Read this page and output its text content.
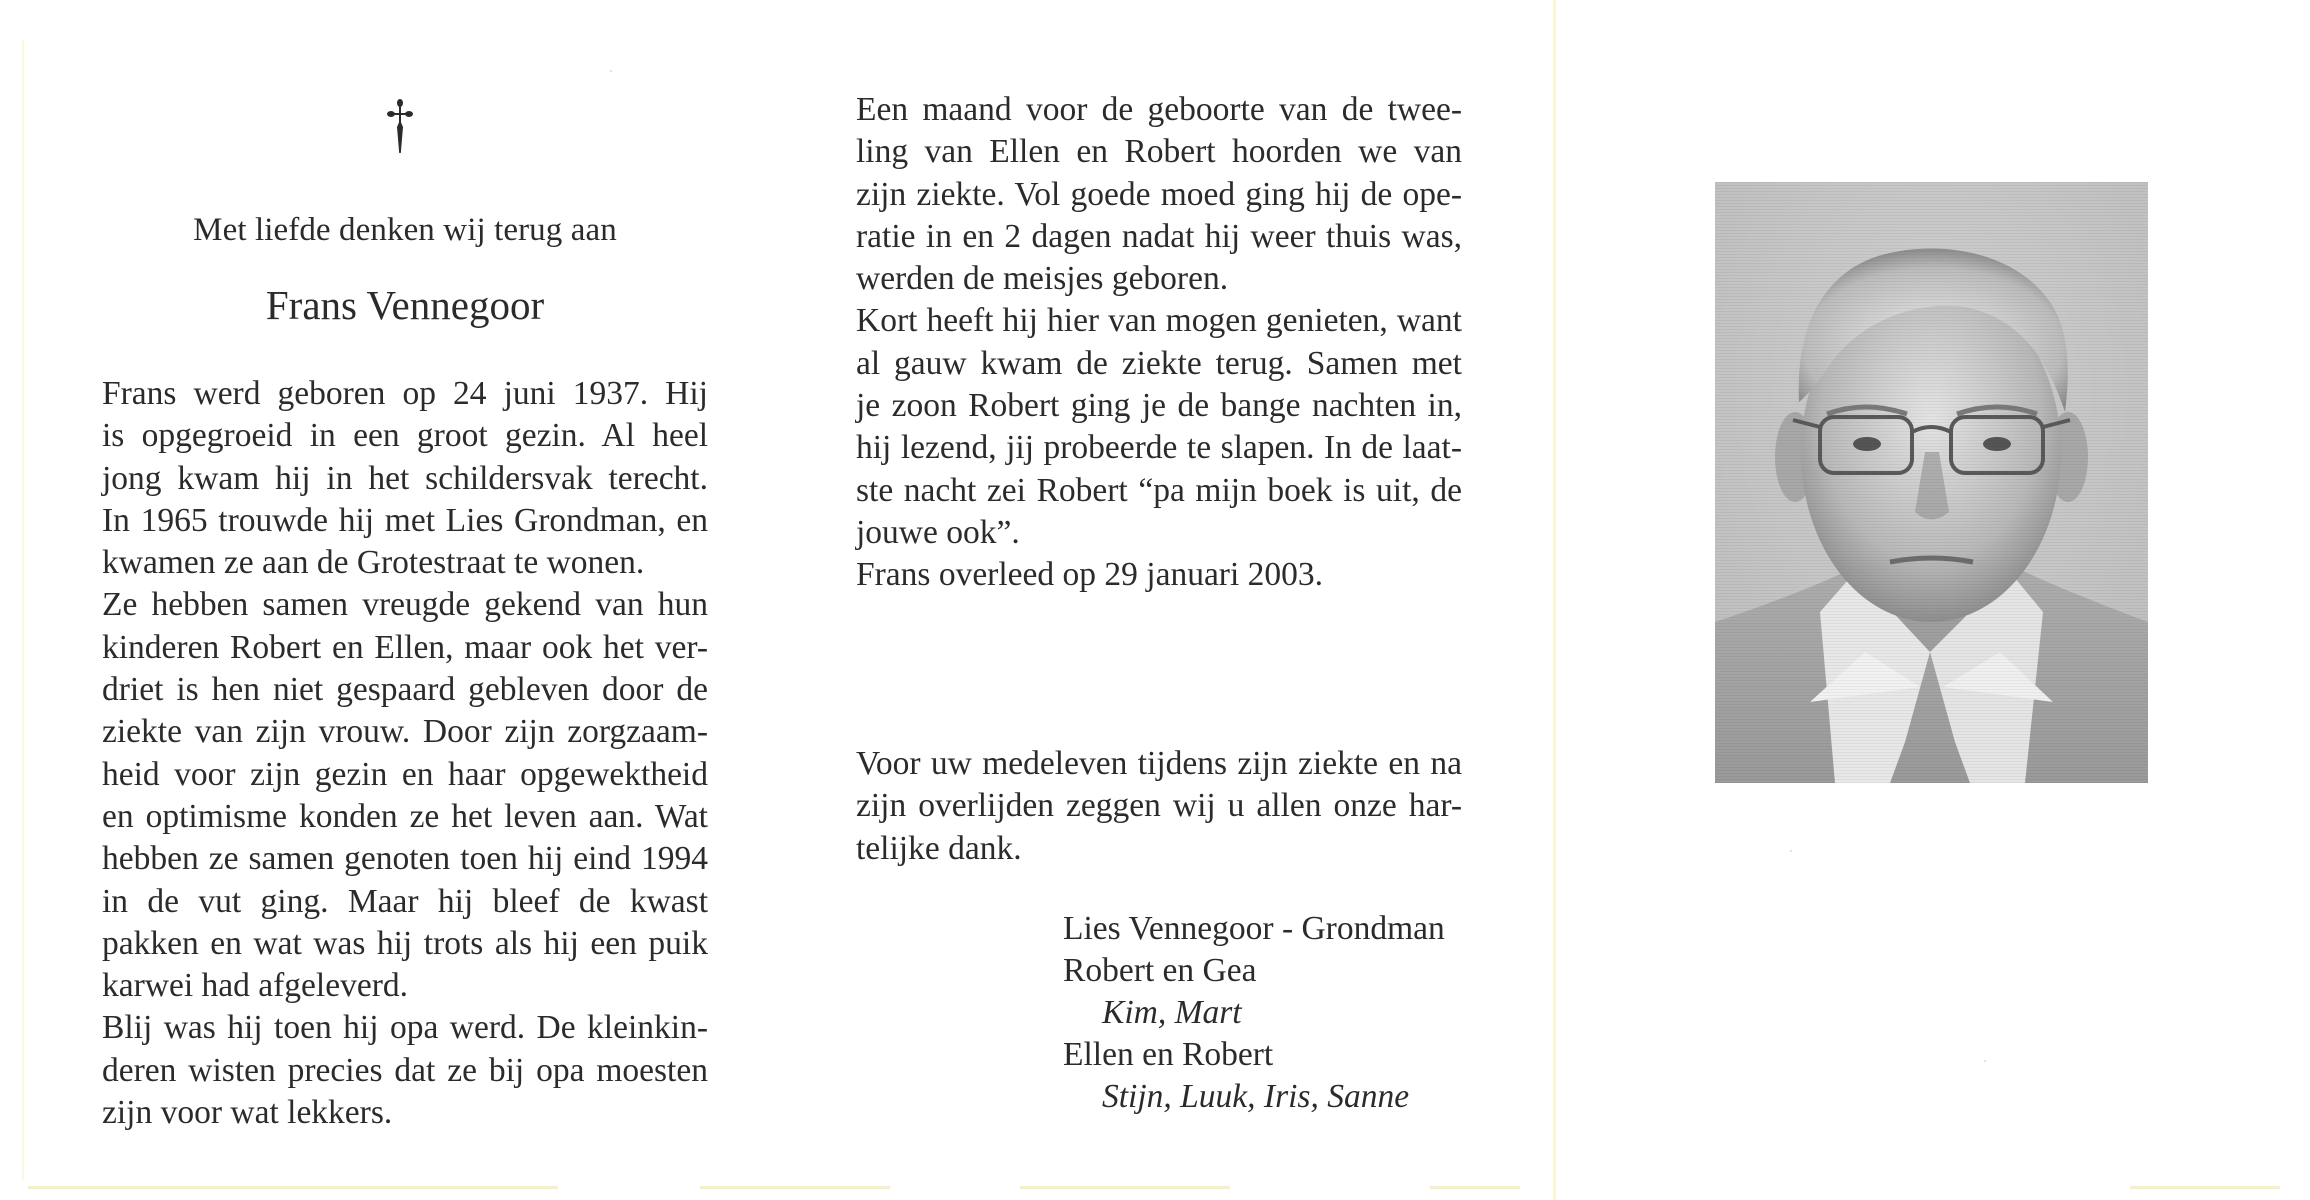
Met liefde denken wij terug aan
Frans Vennegoor
Frans werd geboren op 24 juni 1937. Hij
is opgegroeid in een groot gezin. Al heel
jong kwam hij in het schildersvak terecht.
In 1965 trouwde hij met Lies Grondman, en
kwamen ze aan de Grotestraat te wonen.
Ze hebben samen vreugde gekend van hun
kinderen Robert en Ellen, maar ook het ver-
driet is hen niet gespaard gebleven door de
ziekte van zijn vrouw. Door zijn zorgzaam-
heid voor zijn gezin en haar opgewektheid
en optimisme konden ze het leven aan. Wat
hebben ze samen genoten toen hij eind 1994
in de vut ging. Maar hij bleef de kwast
pakken en wat was hij trots als hij een puik
karwei had afgeleverd.
Blij was hij toen hij opa werd. De kleinkin-
deren wisten precies dat ze bij opa moesten
zijn voor wat lekkers.
Een maand voor de geboorte van de twee-
ling van Ellen en Robert hoorden we van
zijn ziekte. Vol goede moed ging hij de ope-
ratie in en 2 dagen nadat hij weer thuis was,
werden de meisjes geboren.
Kort heeft hij hier van mogen genieten, want
al gauw kwam de ziekte terug. Samen met
je zoon Robert ging je de bange nachten in,
hij lezend, jij probeerde te slapen. In de laat-
ste nacht zei Robert “pa mijn boek is uit, de
jouwe ook”.
Frans overleed op 29 januari 2003.
Voor uw medeleven tijdens zijn ziekte en na
zijn overlijden zeggen wij u allen onze har-
telijke dank.
Lies Vennegoor - Grondman
Robert en Gea
Kim, Mart
Ellen en Robert
Stijn, Luuk, Iris, Sanne
